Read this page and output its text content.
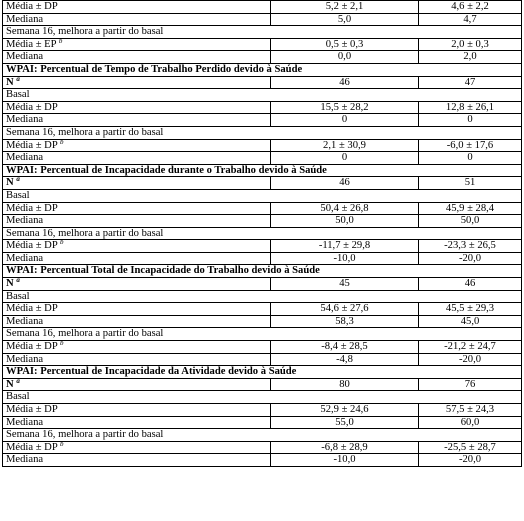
Média ± DP	5,2 ± 2,1	4,6 ± 2,2	
Mediana	5,0	4,7	
Semana 16, melhora a partir do basal			
Média ± EP $^b$	0,5 ± 0,3	2,0 ± 0,3	
Mediana	0,0	2,0	
WPAI: Percentual de Tempo de Trabalho Perdido devido à Saúde			
N $^a$	46	47	
Basal			
Média ± DP	15,5 ± 28,2	12,8 ± 26,1	
Mediana	0	0	
Semana 16, melhora a partir do basal			
Média ± DP $^b$	2,1 ± 30,9	-6,0 ± 17,6	
Mediana	0	0	
WPAI: Percentual de Incapacidade durante o Trabalho devido à Saúde			
N $^a$	46	51	
Basal			
Média ± DP	50,4 ± 26,8	45,9 ± 28,4	
Mediana	50,0	50,0	
Semana 16, melhora a partir do basal			
Média ± DP $^b$	-11,7 ± 29,8	-23,3 ± 26,5	
Mediana	-10,0	-20,0	
WPAI: Percentual Total de Incapacidade do Trabalho devido à Saúde			
N $^a$	45	46	
Basal			
Média ± DP	54,6 ± 27,6	45,5 ± 29,3	
Mediana	58,3	45,0	
Semana 16, melhora a partir do basal			
Média ± DP $^b$	-8,4 ± 28,5	-21,2 ± 24,7	
Mediana	-4,8	-20,0	
WPAI: Percentual de Incapacidade da Atividade devido à Saúde			
N $^a$	80	76	
Basal			
Média ± DP	52,9 ± 24,6	57,5 ± 24,3	
Mediana	55,0	60,0	
Semana 16, melhora a partir do basal			
Média ± DP $^b$	-6,8 ± 28,9	-25,5 ± 28,7	
Mediana	-10,0	-20,0	
